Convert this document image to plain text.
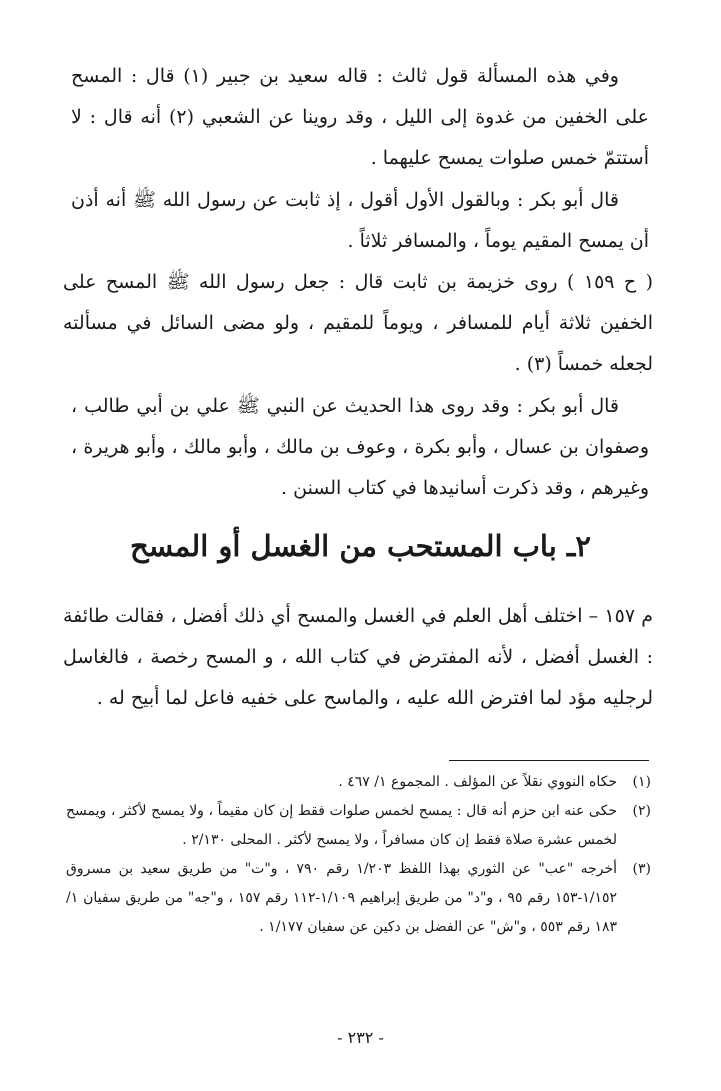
وفي هذه المسألة قول ثالث : قاله سعيد بن جبير (١) قال : المسح على الخفين من غدوة إلى الليل ، وقد روينا عن الشعبي (٢) أنه قال : لا أستتمّ خمس صلوات يمسح عليهما .

قال أبو بكر : وبالقول الأول أقول ، إذ ثابت عن رسول الله ﷺ أنه أذن أن يمسح المقيم يوماً ، والمسافر ثلاثاً .

( ح ١٥٩ ) روى خزيمة بن ثابت قال : جعل رسول الله ﷺ المسح على الخفين ثلاثة أيام للمسافر ، ويوماً للمقيم ، ولو مضى السائل في مسألته لجعله خمساً (٣) .

قال أبو بكر : وقد روى هذا الحديث عن النبي ﷺ علي بن أبي طالب ، وصفوان بن عسال ، وأبو بكرة ، وعوف بن مالك ، وأبو مالك ، وأبو هريرة ، وغيرهم ، وقد ذكرت أسانيدها في كتاب السنن .

٢ـ باب المستحب من الغسل أو المسح

م ١٥٧ – اختلف أهل العلم في الغسل والمسح أي ذلك أفضل ، فقالت طائفة : الغسل أفضل ، لأنه المفترض في كتاب الله ، و المسح رخصة ، فالغاسل لرجليه مؤد لما افترض الله عليه ، والماسح على خفيه فاعل لما أبيح له .

(١)
حكاه النووي نقلاً عن المؤلف . المجموع ١/ ٤٦٧ .
(٢)
حكى عنه ابن حزم أنه قال : يمسح لخمس صلوات فقط إن كان مقيماً ، ولا يمسح لأكثر ، ويمسح لخمس عشرة صلاة فقط إن كان مسافراً ، ولا يمسح لأكثر . المحلى ٢/١٣٠ .
(٣)
أخرجه "عب" عن الثوري بهذا اللفظ ١/٢٠٣ رقم ٧٩٠ ، و"ت" من طريق سعيد بن مسروق ١/١٥٢-١٥٣ رقم ٩٥ ، و"د" من طريق إبراهيم ١/١٠٩-١١٢ رقم ١٥٧ ، و"جه" من طريق سفيان ١/ ١٨٣ رقم ٥٥٣ ، و"ش" عن الفضل بن دكين عن سفيان ١/١٧٧ .
- ٢٣٢ -
